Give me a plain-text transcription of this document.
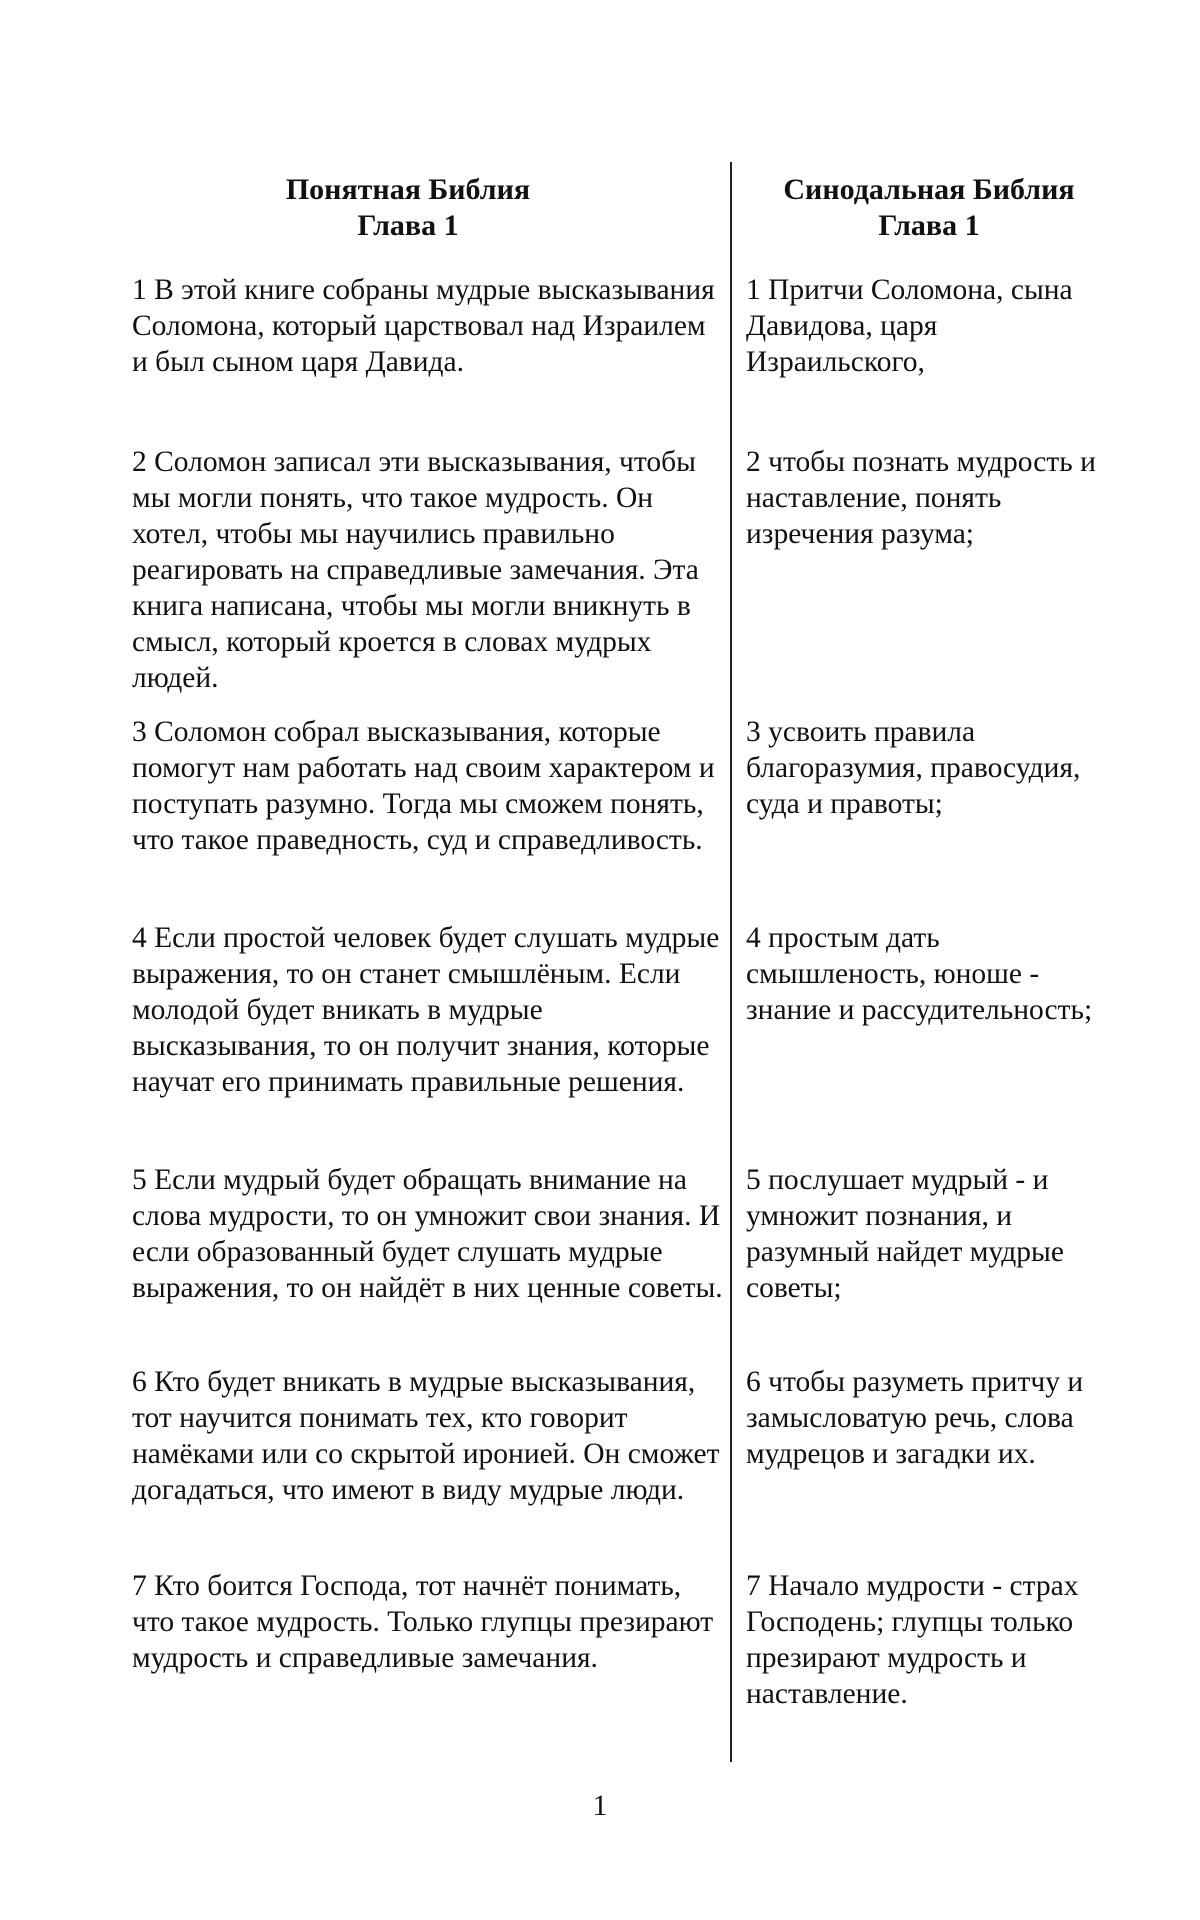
Понятная Библия
Глава 1

1 В этой книге собраны мудрые высказывания Соломона, который царствовал над Израилем и был сыном царя Давида.

2 Соломон записал эти высказывания, чтобы мы могли понять, что такое мудрость. Он хотел, чтобы мы научились правильно реагировать на справедливые замечания. Эта книга написана, чтобы мы могли вникнуть в смысл, который кроется в словах мудрых людей.

3 Соломон собрал высказывания, которые помогут нам работать над своим характером и поступать разумно. Тогда мы сможем понять, что такое праведность, суд и справедливость.

4 Если простой человек будет слушать мудрые выражения, то он станет смышлёным. Если молодой будет вникать в мудрые высказывания, то он получит знания, которые научат его принимать правильные решения.

5 Если мудрый будет обращать внимание на слова мудрости, то он умножит свои знания. И если образованный будет слушать мудрые выражения, то он найдёт в них ценные советы.

6 Кто будет вникать в мудрые высказывания, тот научится понимать тех, кто говорит намёками или со скрытой иронией. Он сможет догадаться, что имеют в виду мудрые люди.

7 Кто боится Господа, тот начнёт понимать, что такое мудрость. Только глупцы презирают мудрость и справедливые замечания.

Синодальная Библия
Глава 1

1 Притчи Соломона, сына Давидова, царя Израильского,

2 чтобы познать мудрость и наставление, понять изречения разума;

3 усвоить правила благоразумия, правосудия, суда и правоты;

4 простым дать смышленость, юноше - знание и рассудительность;

5 послушает мудрый - и умножит познания, и разумный найдет мудрые советы;

6 чтобы разуметь притчу и замысловатую речь, слова мудрецов и загадки их.

7 Начало мудрости - страх Господень; глупцы только презирают мудрость и наставление.

1
